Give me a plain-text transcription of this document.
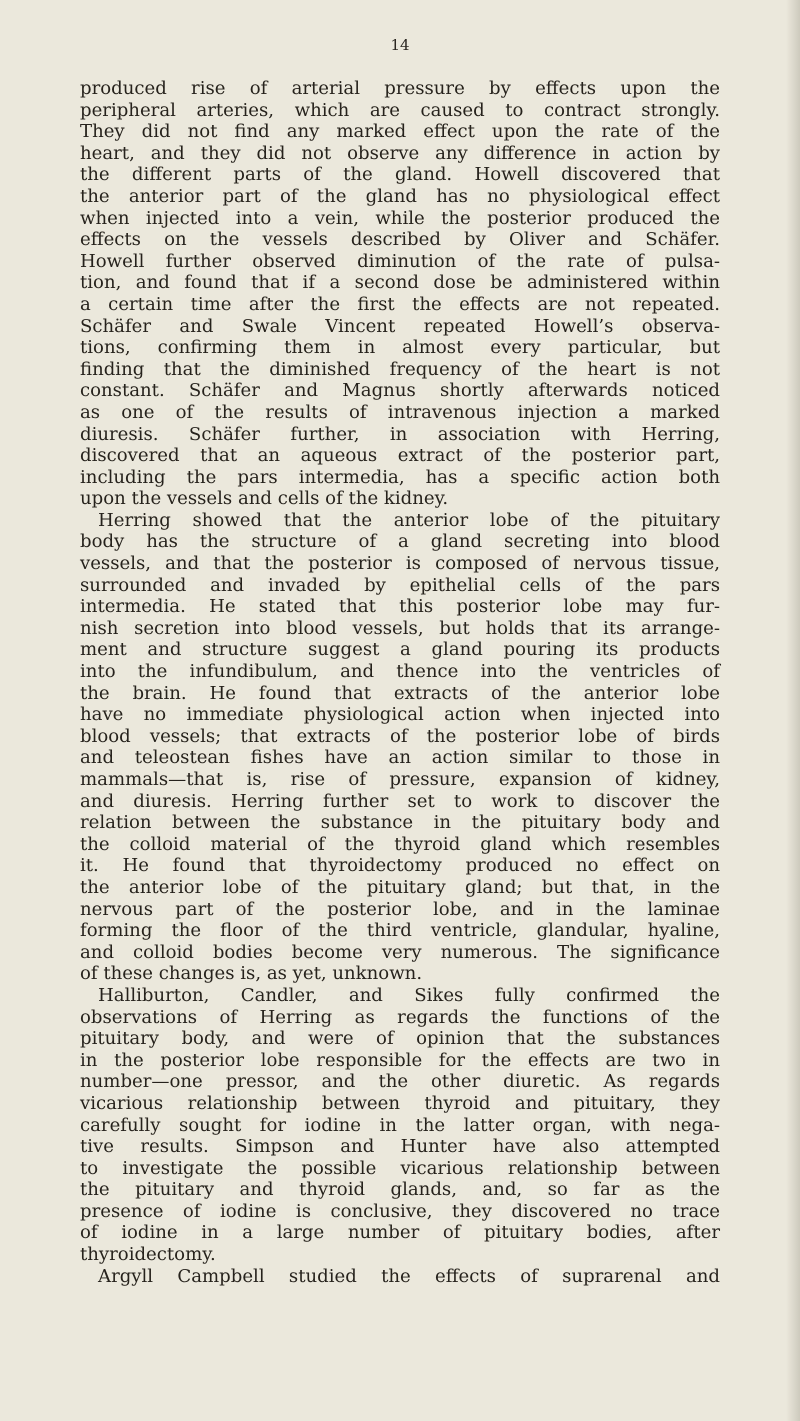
14
produced rise of arterial pressure by effects upon the
peripheral arteries, which are caused to contract strongly.
They did not find any marked effect upon the rate of the
heart, and they did not observe any difference in action by
the different parts of the gland. Howell discovered that
the anterior part of the gland has no physiological effect
when injected into a vein, while the posterior produced the
effects on the vessels described by Oliver and Schäfer.
Howell further observed diminution of the rate of pulsa-
tion, and found that if a second dose be administered within
a certain time after the first the effects are not repeated.
Schäfer and Swale Vincent repeated Howell’s observa-
tions, confirming them in almost every particular, but
finding that the diminished frequency of the heart is not
constant. Schäfer and Magnus shortly afterwards noticed
as one of the results of intravenous injection a marked
diuresis. Schäfer further, in association with Herring,
discovered that an aqueous extract of the posterior part,
including the pars intermedia, has a specific action both
upon the vessels and cells of the kidney.
Herring showed that the anterior lobe of the pituitary
body has the structure of a gland secreting into blood
vessels, and that the posterior is composed of nervous tissue,
surrounded and invaded by epithelial cells of the pars
intermedia. He stated that this posterior lobe may fur-
nish secretion into blood vessels, but holds that its arrange-
ment and structure suggest a gland pouring its products
into the infundibulum, and thence into the ventricles of
the brain. He found that extracts of the anterior lobe
have no immediate physiological action when injected into
blood vessels; that extracts of the posterior lobe of birds
and teleostean fishes have an action similar to those in
mammals—that is, rise of pressure, expansion of kidney,
and diuresis. Herring further set to work to discover the
relation between the substance in the pituitary body and
the colloid material of the thyroid gland which resembles
it. He found that thyroidectomy produced no effect on
the anterior lobe of the pituitary gland; but that, in the
nervous part of the posterior lobe, and in the laminae
forming the floor of the third ventricle, glandular, hyaline,
and colloid bodies become very numerous. The significance
of these changes is, as yet, unknown.
Halliburton, Candler, and Sikes fully confirmed the
observations of Herring as regards the functions of the
pituitary body, and were of opinion that the substances
in the posterior lobe responsible for the effects are two in
number—one pressor, and the other diuretic. As regards
vicarious relationship between thyroid and pituitary, they
carefully sought for iodine in the latter organ, with nega-
tive results. Simpson and Hunter have also attempted
to investigate the possible vicarious relationship between
the pituitary and thyroid glands, and, so far as the
presence of iodine is conclusive, they discovered no trace
of iodine in a large number of pituitary bodies, after
thyroidectomy.
Argyll Campbell studied the effects of suprarenal and
